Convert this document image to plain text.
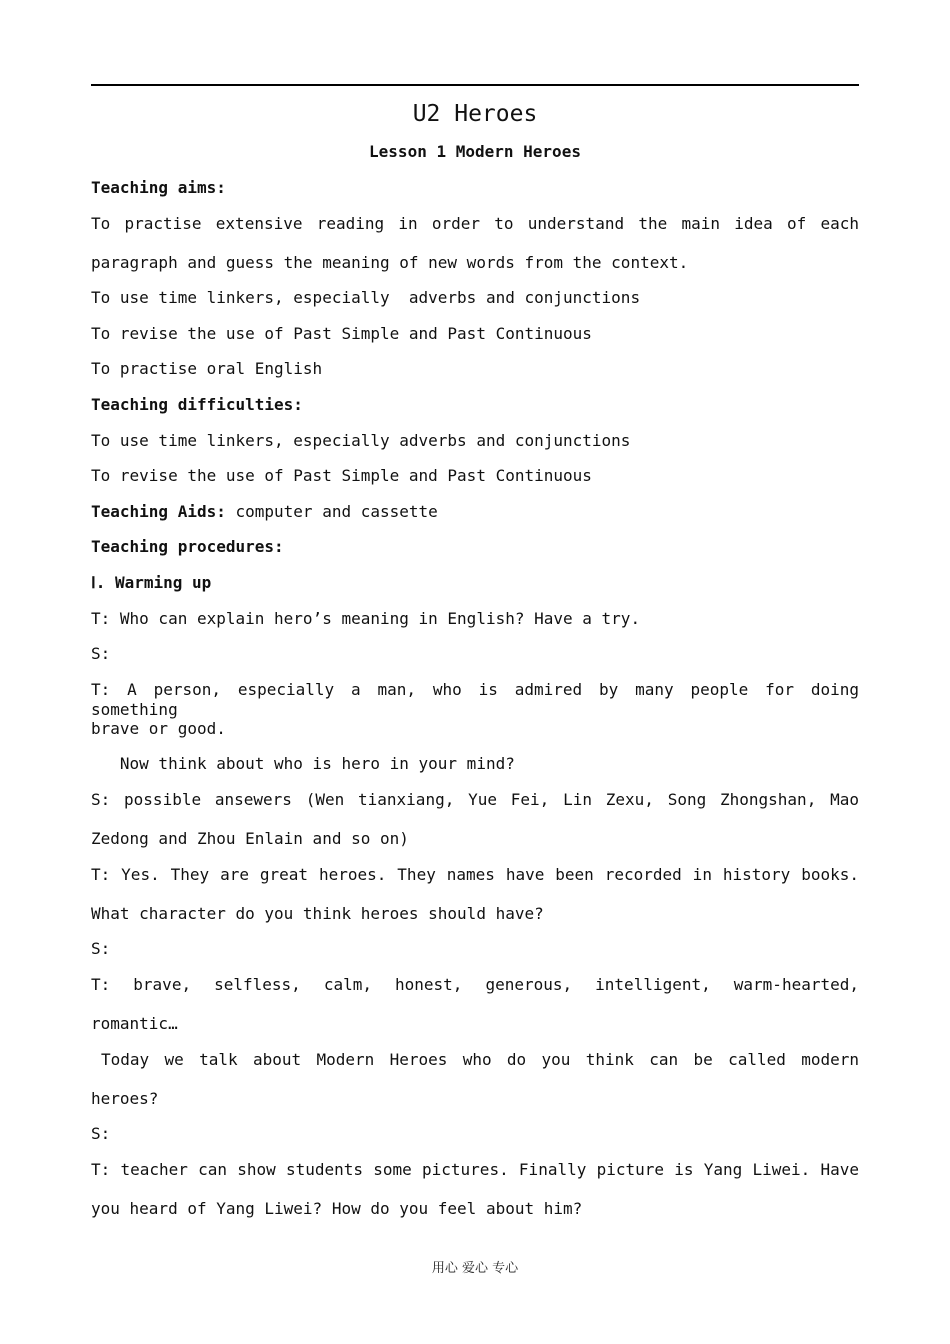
U2 Heroes
Lesson 1 Modern Heroes
Teaching aims:
To practise extensive reading in order to understand the main idea of each
paragraph and guess the meaning of new words from the context.
To use time linkers, especially  adverbs and conjunctions
To revise the use of Past Simple and Past Continuous
To practise oral English
Teaching difficulties:
To use time linkers, especially adverbs and conjunctions
To revise the use of Past Simple and Past Continuous
Teaching Aids: computer and cassette
Teaching procedures:
Ⅰ. Warming up
T: Who can explain hero’s meaning in English? Have a try.
S:
T: A person, especially a man, who is admired by many people for doing something
brave or good.
Now think about who is hero in your mind?
S: possible ansewers (Wen tianxiang, Yue Fei, Lin Zexu, Song Zhongshan, Mao
Zedong and Zhou Enlain and so on)
T: Yes. They are great heroes. They names have been recorded in history books.
What character do you think heroes should have?
S:
T: brave, selfless, calm, honest, generous, intelligent, warm-hearted,
romantic…
Today we talk about Modern Heroes who do you think can be called modern
heroes?
S:
T: teacher can show students some pictures. Finally picture is Yang Liwei. Have
you heard of Yang Liwei? How do you feel about him?
用心 爱心 专心
